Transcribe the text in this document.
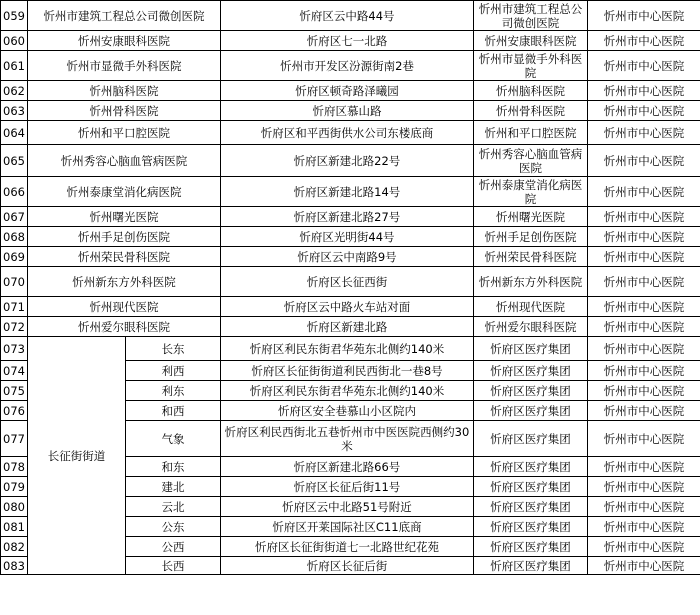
059	忻州市建筑工程总公司微创医院		忻府区云中路44号	忻州市建筑工程总公司微创医院	忻州市中心医院
060	忻州安康眼科医院		忻府区七一北路	忻州安康眼科医院	忻州市中心医院
061	忻州市显微手外科医院		忻州市开发区汾源街南2巷	忻州市显微手外科医院	忻州市中心医院
062	忻州脑科医院		忻府区顿奇路泽曦园	忻州脑科医院	忻州市中心医院
063	忻州骨科医院		忻府区慕山路	忻州骨科医院	忻州市中心医院
064	忻州和平口腔医院		忻府区和平西街供水公司东楼底商	忻州和平口腔医院	忻州市中心医院
065	忻州秀容心脑血管病医院		忻府区新建北路22号	忻州秀容心脑血管病医院	忻州市中心医院
066	忻州泰康堂消化病医院		忻府区新建北路14号	忻州泰康堂消化病医院	忻州市中心医院
067	忻州曙光医院		忻府区新建北路27号	忻州曙光医院	忻州市中心医院
068	忻州手足创伤医院		忻府区光明街44号	忻州手足创伤医院	忻州市中心医院
069	忻州荣民骨科医院		忻府区云中南路9号	忻州荣民骨科医院	忻州市中心医院
070	忻州新东方外科医院		忻府区长征西街	忻州新东方外科医院	忻州市中心医院
071	忻州现代医院		忻府区云中路火车站对面	忻州现代医院	忻州市中心医院
072	忻州爱尔眼科医院		忻府区新建北路	忻州爱尔眼科医院	忻州市中心医院
073	长征街街道	长东	忻府区利民东街君华苑东北侧约140米	忻府区医疗集团	忻州市中心医院
074		利西	忻府区长征街街道利民西街北一巷8号	忻府区医疗集团	忻州市中心医院
075		利东	忻府区利民东街君华苑东北侧约140米	忻府区医疗集团	忻州市中心医院
076		和西	忻府区安全巷慕山小区院内	忻府区医疗集团	忻州市中心医院
077		气象	忻府区利民西街北五巷忻州市中医医院西侧约30米	忻府区医疗集团	忻州市中心医院
078		和东	忻府区新建北路66号	忻府区医疗集团	忻州市中心医院
079		建北	忻府区长征后街11号	忻府区医疗集团	忻州市中心医院
080		云北	忻府区云中北路51号附近	忻府区医疗集团	忻州市中心医院
081		公东	忻府区开莱国际社区C11底商	忻府区医疗集团	忻州市中心医院
082		公西	忻府区长征街街道七一北路世纪花苑	忻府区医疗集团	忻州市中心医院
083		长西	忻府区长征后街	忻府区医疗集团	忻州市中心医院
